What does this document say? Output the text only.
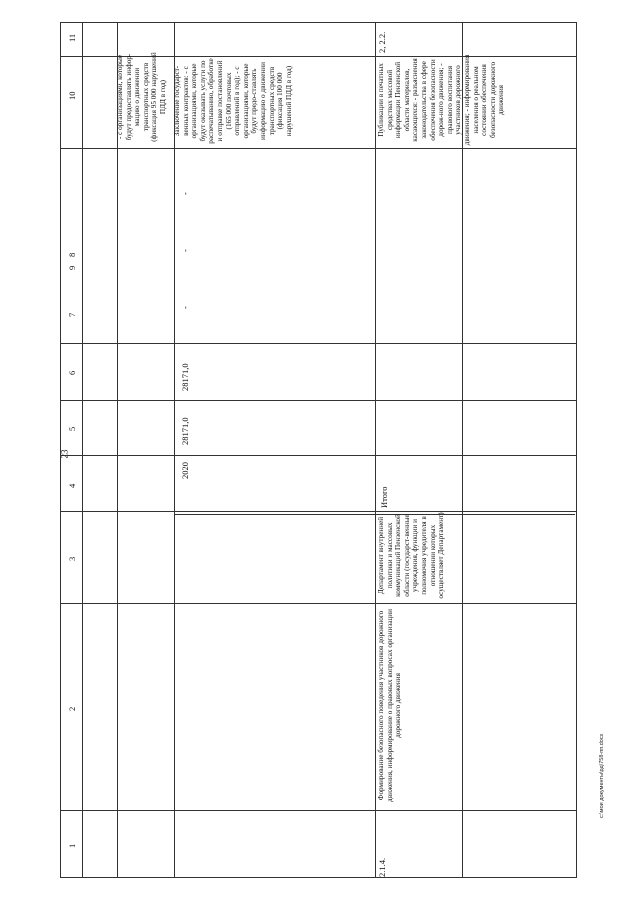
23
c:\мои документы\рд\758-пп.docx
1
2
3
4
5
6
7
8
9
10
11
- с организациями, которые будут предоставлять инфор-мацию о движении транспортных средств (фиксация 95 000 нарушений ПДД в год)
2020
28171,0
28171,0
-
-
-
Заключение государст-венных контрактов: - с организациями, которые будут оказывать услуги по распечатыванию, обработке и отправке постановлений (165 000 почтовых отправлений в год); - с организациями, которые будут предо-ставлять информацию о движении транспортных средств (фиксация 100 000 нарушений ПДД в год)
2.1.4.
Формирование безопасного поведения участников дорожного движения, информирование о правовых вопросах организации дорожного движения
Департамент внутренней политики и массовых коммуникаций Пензенской области (государст-венные учреждения, функции и полномочия учредителя в отношении которых осуществляет Департамент)
Итого
Публикации в печатных средствах массовой информации Пензенской области материалов, касающихся: - разъяснения законодательства в сфере обеспечения безопасности дорож-ного движения; - правового воспитания участников дорожного движения; - информирования населения о реальном состоянии обеспечения безопасности дорожного движения
2, 2.2.
